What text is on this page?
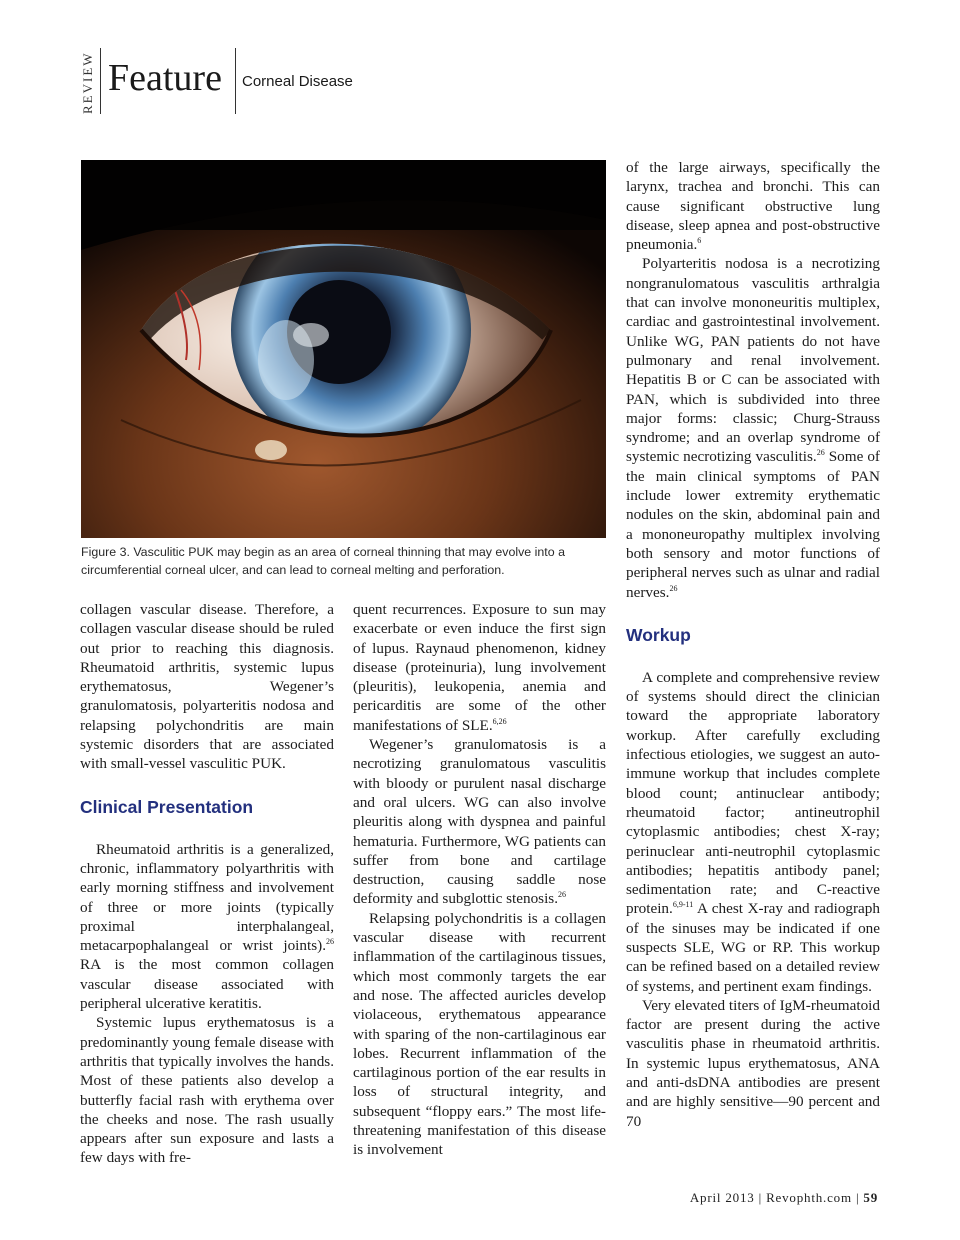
REVIEW Feature Corneal Disease
Figure 3. Vasculitic PUK may begin as an area of corneal thinning that may evolve into a circumferential corneal ulcer, and can lead to corneal melting and perforation.

collagen vascular disease. Therefore, a collagen vascular disease should be ruled out prior to reaching this diagnosis. Rheumatoid arthritis, systemic lupus erythematosus, Wegener’s granulomatosis, polyarteritis nodosa and relapsing polychondritis are main systemic disorders that are associated with small-vessel vasculitic PUK.

Clinical Presentation

Rheumatoid arthritis is a generalized, chronic, inflammatory polyarthritis with early morning stiffness and involvement of three or more joints (typically proximal interphalangeal, metacarpophalangeal or wrist joints).$^{26}$ RA is the most common collagen vascular disease associated with peripheral ulcerative keratitis.

Systemic lupus erythematosus is a predominantly young female disease with arthritis that typically involves the hands. Most of these patients also develop a butterfly facial rash with erythema over the cheeks and nose. The rash usually appears after sun exposure and lasts a few days with fre-

quent recurrences. Exposure to sun may exacerbate or even induce the first sign of lupus. Raynaud phenomenon, kidney disease (proteinuria), lung involvement (pleuritis), leukopenia, anemia and pericarditis are some of the other manifestations of SLE.$^{6,26}$

Wegener’s granulomatosis is a necrotizing granulomatous vasculitis with bloody or purulent nasal discharge and oral ulcers. WG can also involve pleuritis along with dyspnea and painful hematuria. Furthermore, WG patients can suffer from bone and cartilage destruction, causing saddle nose deformity and subglottic stenosis.$^{26}$

Relapsing polychondritis is a collagen vascular disease with recurrent inflammation of the cartilaginous tissues, which most commonly targets the ear and nose. The affected auricles develop violaceous, erythematous appearance with sparing of the non-cartilaginous ear lobes. Recurrent inflammation of the cartilaginous portion of the ear results in loss of structural integrity, and subsequent “floppy ears.” The most life-threatening manifestation of this disease is involvement

of the large airways, specifically the larynx, trachea and bronchi. This can cause significant obstructive lung disease, sleep apnea and post-obstructive pneumonia.$^6$

Polyarteritis nodosa is a necrotizing nongranulomatous vasculitis arthralgia that can involve mononeuritis multiplex, cardiac and gastrointestinal involvement. Unlike WG, PAN patients do not have pulmonary and renal involvement. Hepatitis B or C can be associated with PAN, which is subdivided into three major forms: classic; Churg-Strauss syndrome; and an overlap syndrome of systemic necrotizing vasculitis.$^{26}$ Some of the main clinical symptoms of PAN include lower extremity erythematic nodules on the skin, abdominal pain and a mononeuropathy multiplex involving both sensory and motor functions of peripheral nerves such as ulnar and radial nerves.$^{26}$

Workup

A complete and comprehensive review of systems should direct the clinician toward the appropriate laboratory workup. After carefully excluding infectious etiologies, we suggest an auto-immune workup that includes complete blood count; antinuclear antibody; rheumatoid factor; antineutrophil cytoplasmic antibodies; chest X-ray; perinuclear anti-neutrophil cytoplasmic antibodies; hepatitis antibody panel; sedimentation rate; and C-reactive protein.$^{6,9-11}$ A chest X-ray and radiograph of the sinuses may be indicated if one suspects SLE, WG or RP. This workup can be refined based on a detailed review of systems, and pertinent exam findings.

Very elevated titers of IgM-rheumatoid factor are present during the active vasculitis phase in rheumatoid arthritis. In systemic lupus erythematosus, ANA and anti-dsDNA antibodies are present and are highly sensitive—90 percent and 70

April 2013 | Revophth.com | 59
